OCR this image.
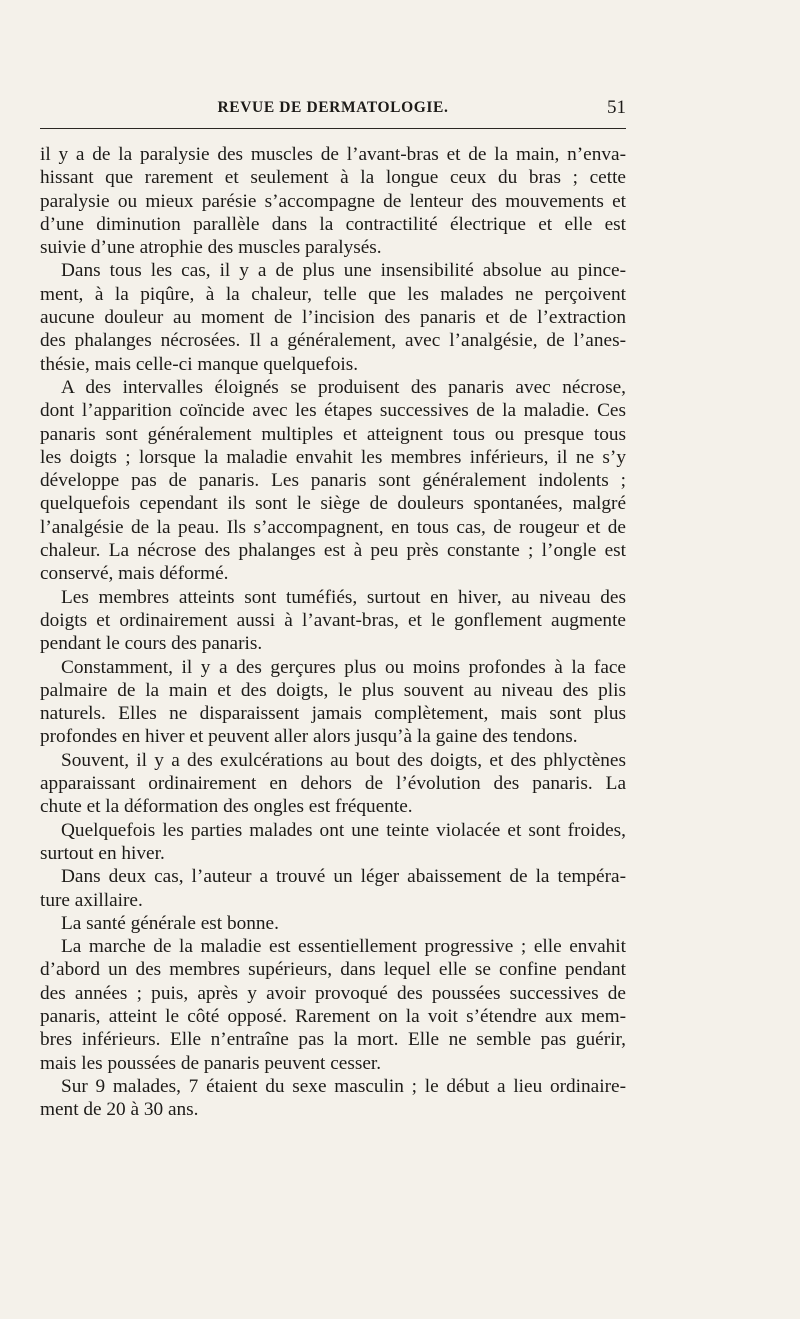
REVUE DE DERMATOLOGIE.	51
il y a de la paralysie des muscles de l’avant-bras et de la main, n’enva-
hissant que rarement et seulement à la longue ceux du bras ; cette
paralysie ou mieux parésie s’accompagne de lenteur des mouvements et
d’une diminution parallèle dans la contractilité électrique et elle est
suivie d’une atrophie des muscles paralysés.
Dans tous les cas, il y a de plus une insensibilité absolue au pince-
ment, à la piqûre, à la chaleur, telle que les malades ne perçoivent
aucune douleur au moment de l’incision des panaris et de l’extraction
des phalanges nécrosées. Il a généralement, avec l’analgésie, de l’anes-
thésie, mais celle-ci manque quelquefois.
A des intervalles éloignés se produisent des panaris avec nécrose,
dont l’apparition coïncide avec les étapes successives de la maladie. Ces
panaris sont généralement multiples et atteignent tous ou presque tous
les doigts ; lorsque la maladie envahit les membres inférieurs, il ne s’y
développe pas de panaris. Les panaris sont généralement indolents ;
quelquefois cependant ils sont le siège de douleurs spontanées, malgré
l’analgésie de la peau. Ils s’accompagnent, en tous cas, de rougeur et de
chaleur. La nécrose des phalanges est à peu près constante ; l’ongle est
conservé, mais déformé.
Les membres atteints sont tuméfiés, surtout en hiver, au niveau des
doigts et ordinairement aussi à l’avant-bras, et le gonflement augmente
pendant le cours des panaris.
Constamment, il y a des gerçures plus ou moins profondes à la face
palmaire de la main et des doigts, le plus souvent au niveau des plis
naturels. Elles ne disparaissent jamais complètement, mais sont plus
profondes en hiver et peuvent aller alors jusqu’à la gaine des tendons.
Souvent, il y a des exulcérations au bout des doigts, et des phlyctènes
apparaissant ordinairement en dehors de l’évolution des panaris. La
chute et la déformation des ongles est fréquente.
Quelquefois les parties malades ont une teinte violacée et sont froides,
surtout en hiver.
Dans deux cas, l’auteur a trouvé un léger abaissement de la tempéra-
ture axillaire.
La santé générale est bonne.
La marche de la maladie est essentiellement progressive ; elle envahit
d’abord un des membres supérieurs, dans lequel elle se confine pendant
des années ; puis, après y avoir provoqué des poussées successives de
panaris, atteint le côté opposé. Rarement on la voit s’étendre aux mem-
bres inférieurs. Elle n’entraîne pas la mort. Elle ne semble pas guérir,
mais les poussées de panaris peuvent cesser.
Sur 9 malades, 7 étaient du sexe masculin ; le début a lieu ordinaire-
ment de 20 à 30 ans.
